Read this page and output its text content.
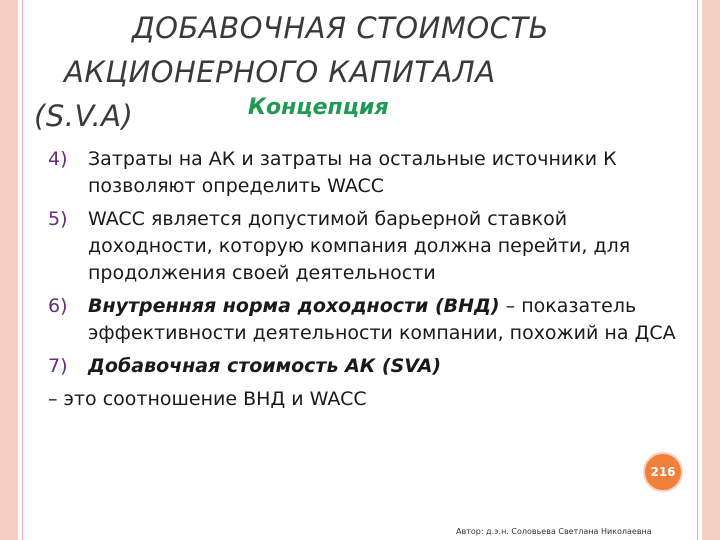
ДОБАВОЧНАЯ СТОИМОСТЬ
АКЦИОНЕРНОГО КАПИТАЛА
(S.V.A)	Концепция
4) Затраты на АК и затраты на остальные источники К позволяют определить WACC
5) WACC является допустимой барьерной ставкой доходности, которую компания должна перейти, для продолжения своей деятельности
6) Внутренняя норма доходности (ВНД) – показатель эффективности деятельности компании, похожий на ДСА
7) Добавочная стоимость АК (SVA)
– это соотношение ВНД и WACC
216
Автор: д.э.н. Соловьева Светлана Николаевна
